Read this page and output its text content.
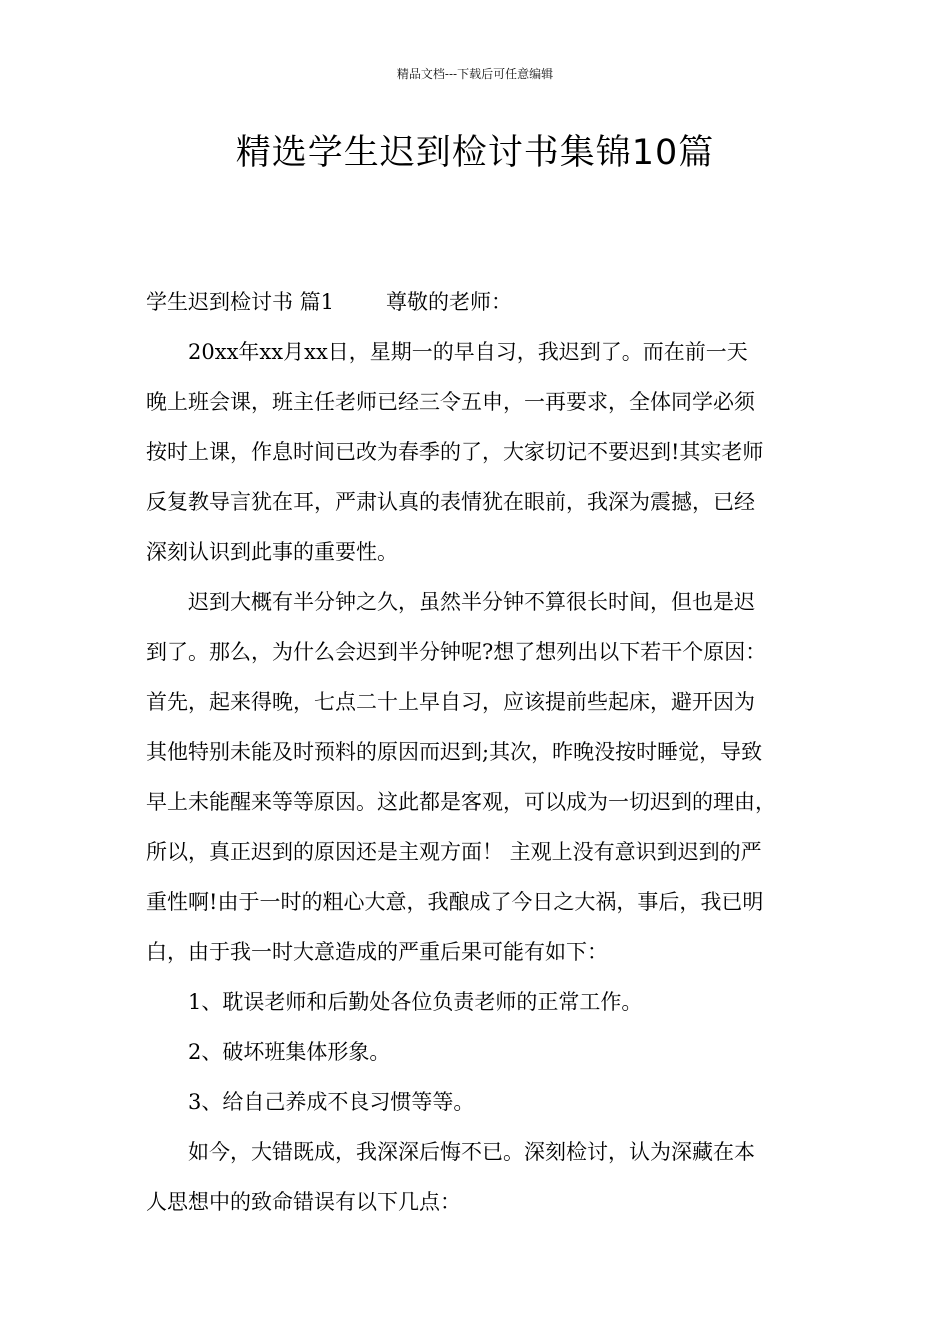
精品文档---下载后可任意编辑
精选学生迟到检讨书集锦10篇
学生迟到检讨书 篇1 尊敬的老师：
20xx年xx月xx日，星期一的早自习，我迟到了。而在前一天
晚上班会课，班主任老师已经三令五申，一再要求，全体同学必须
按时上课，作息时间已改为春季的了，大家切记不要迟到!其实老师
反复教导言犹在耳，严肃认真的表情犹在眼前，我深为震撼，已经
深刻认识到此事的重要性。
迟到大概有半分钟之久，虽然半分钟不算很长时间，但也是迟
到了。那么，为什么会迟到半分钟呢?想了想列出以下若干个原因：
首先，起来得晚，七点二十上早自习，应该提前些起床，避开因为
其他特别未能及时预料的原因而迟到;其次，昨晚没按时睡觉，导致
早上未能醒来等等原因。这此都是客观，可以成为一切迟到的理由，
所以，真正迟到的原因还是主观方面！ 主观上没有意识到迟到的严
重性啊!由于一时的粗心大意，我酿成了今日之大祸，事后，我已明
白，由于我一时大意造成的严重后果可能有如下：
1、耽误老师和后勤处各位负责老师的正常工作。
2、破坏班集体形象。
3、给自己养成不良习惯等等。
如今，大错既成，我深深后悔不已。深刻检讨，认为深藏在本
人思想中的致命错误有以下几点：
